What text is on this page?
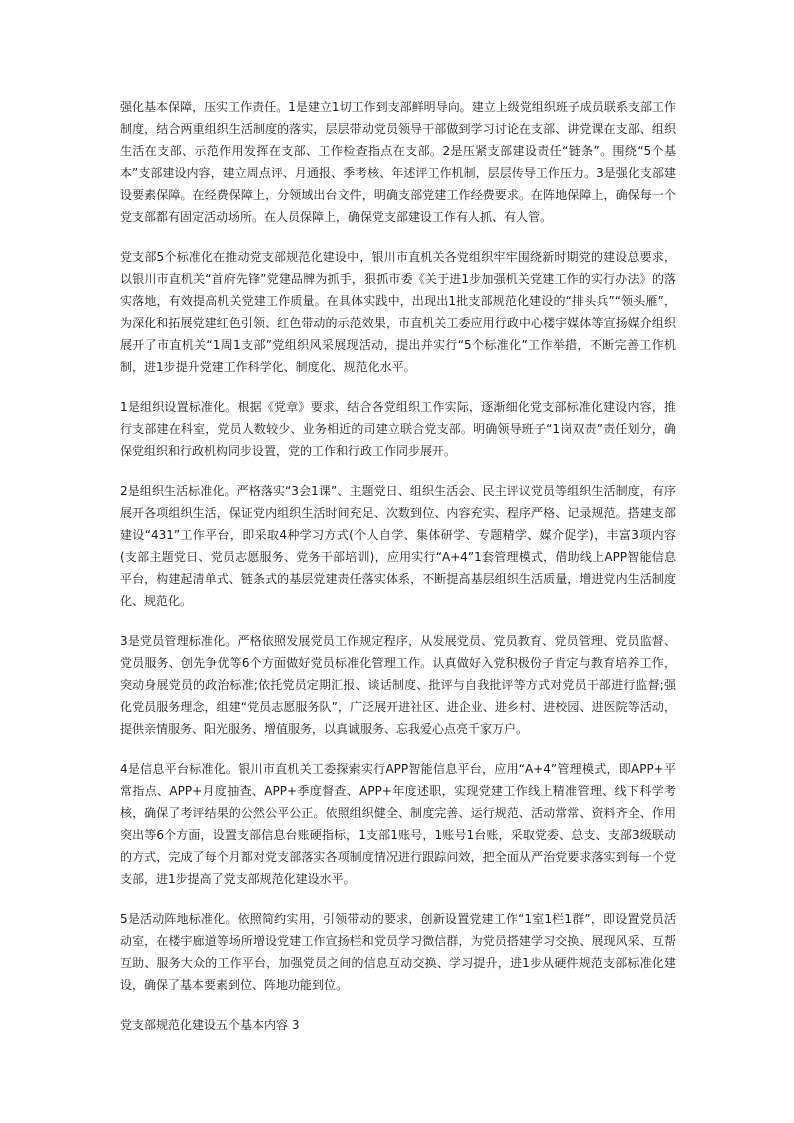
强化基本保障，压实工作责任。1是建立1切工作到支部鲜明导向。建立上级党组织班子成员联系支部工作制度，结合两重组织生活制度的落实，层层带动党员领导干部做到学习讨论在支部、讲党课在支部、组织生活在支部、示范作用发挥在支部、工作检查指点在支部。2是压紧支部建设责任“链条”。围绕“5个基本”支部建设内容，建立周点评、月通报、季考核、年述评工作机制，层层传导工作压力。3是强化支部建设要素保障。在经费保障上，分领域出台文件，明确支部党建工作经费要求。在阵地保障上，确保每一个党支部都有固定活动场所。在人员保障上，确保党支部建设工作有人抓、有人管。

党支部5个标准化在推动党支部规范化建设中，银川市直机关各党组织牢牢围绕新时期党的建设总要求，以银川市直机关“首府先锋”党建品牌为抓手，狠抓市委《关于进1步加强机关党建工作的实行办法》的落实落地，有效提高机关党建工作质量。在具体实践中，出现出1批支部规范化建设的“排头兵”“领头雁”，为深化和拓展党建红色引领、红色带动的示范效果，市直机关工委应用行政中心楼宇媒体等宣扬媒介组织展开了市直机关“1周1支部”党组织风采展现活动，提出并实行“5个标准化”工作举措，不断完善工作机制，进1步提升党建工作科学化、制度化、规范化水平。

1是组织设置标准化。根据《党章》要求，结合各党组织工作实际，逐渐细化党支部标准化建设内容，推行支部建在科室，党员人数较少、业务相近的司建立联合党支部。明确领导班子“1岗双责”责任划分，确保党组织和行政机构同步设置，党的工作和行政工作同步展开。

2是组织生活标准化。严格落实“3会1课”、主题党日、组织生活会、民主评议党员等组织生活制度，有序展开各项组织生活，保证党内组织生活时间充足、次数到位、内容充实、程序严格、记录规范。搭建支部建设“431”工作平台，即采取4种学习方式(个人自学、集体研学、专题精学、媒介促学)，丰富3项内容(支部主题党日、党员志愿服务、党务干部培训)，应用实行“A+4”1套管理模式，借助线上APP智能信息平台，构建起清单式、链条式的基层党建责任落实体系，不断提高基层组织生活质量，增进党内生活制度化、规范化。

3是党员管理标准化。严格依照发展党员工作规定程序，从发展党员、党员教育、党员管理、党员监督、党员服务、创先争优等6个方面做好党员标准化管理工作。认真做好入党积极份子肯定与教育培养工作，突动身展党员的政治标准;依托党员定期汇报、谈话制度、批评与自我批评等方式对党员干部进行监督;强化党员服务理念，组建“党员志愿服务队”，广泛展开进社区、进企业、进乡村、进校园、进医院等活动，提供亲情服务、阳光服务、增值服务，以真诚服务、忘我爱心点亮千家万户。

4是信息平台标准化。银川市直机关工委探索实行APP智能信息平台，应用“A+4”管理模式，即APP+平常指点、APP+月度抽查、APP+季度督查、APP+年度述职，实现党建工作线上精准管理、线下科学考核，确保了考评结果的公然公平公正。依照组织健全、制度完善、运行规范、活动常常、资料齐全、作用突出等6个方面，设置支部信息台账硬指标，1支部1账号，1账号1台账，采取党委、总支、支部3级联动的方式，完成了每个月都对党支部落实各项制度情况进行跟踪问效，把全面从严治党要求落实到每一个党支部，进1步提高了党支部规范化建设水平。

5是活动阵地标准化。依照简约实用，引领带动的要求，创新设置党建工作“1室1栏1群”，即设置党员活动室，在楼宇廊道等场所增设党建工作宣扬栏和党员学习微信群，为党员搭建学习交换、展现风采、互帮互助、服务大众的工作平台，加强党员之间的信息互动交换、学习提升，进1步从硬件规范支部标准化建设，确保了基本要素到位、阵地功能到位。

党支部规范化建设五个基本内容 3
